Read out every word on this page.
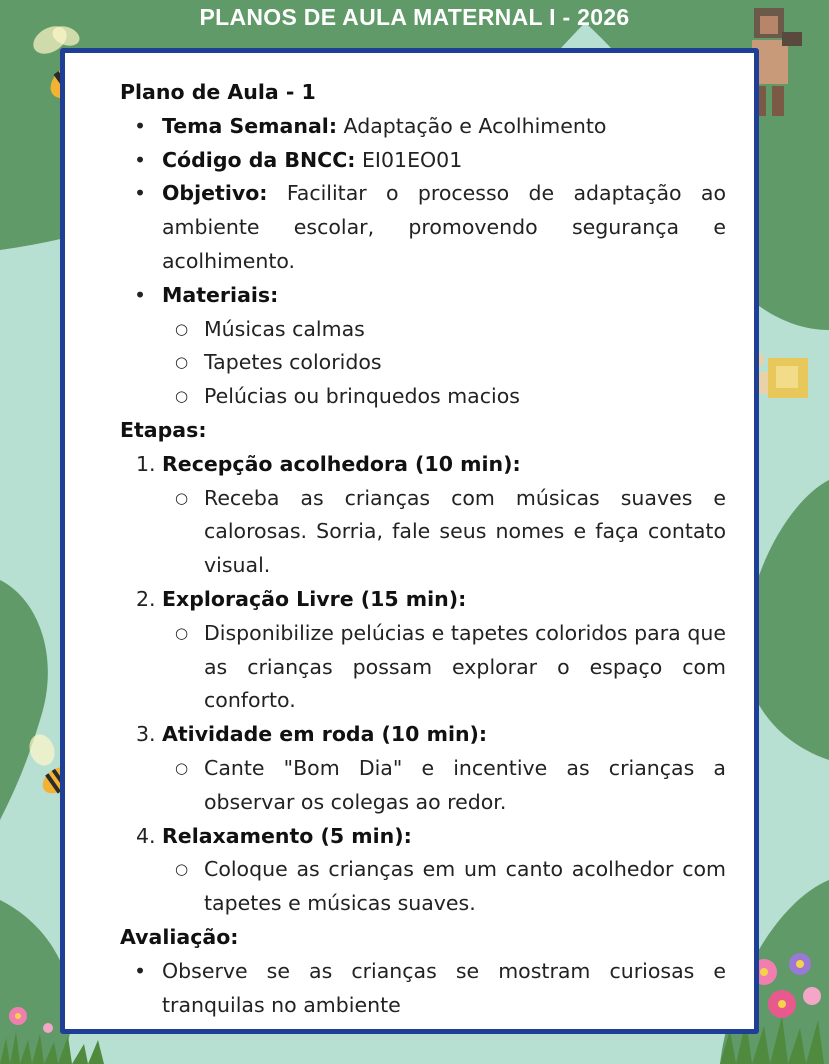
PLANOS DE AULA MATERNAL I - 2026
Plano de Aula - 1
• Tema Semanal: Adaptação e Acolhimento
• Código da BNCC: EI01EO01
• Objetivo: Facilitar o processo de adaptação ao ambiente escolar, promovendo segurança e acolhimento.
• Materiais:
○ Músicas calmas
○ Tapetes coloridos
○ Pelúcias ou brinquedos macios
Etapas:
1. Recepção acolhedora (10 min):
○ Receba as crianças com músicas suaves e calorosas. Sorria, fale seus nomes e faça contato visual.
2. Exploração Livre (15 min):
○ Disponibilize pelúcias e tapetes coloridos para que as crianças possam explorar o espaço com conforto.
3. Atividade em roda (10 min):
○ Cante "Bom Dia" e incentive as crianças a observar os colegas ao redor.
4. Relaxamento (5 min):
○ Coloque as crianças em um canto acolhedor com tapetes e músicas suaves.
Avaliação:
• Observe se as crianças se mostram curiosas e tranquilas no ambiente
